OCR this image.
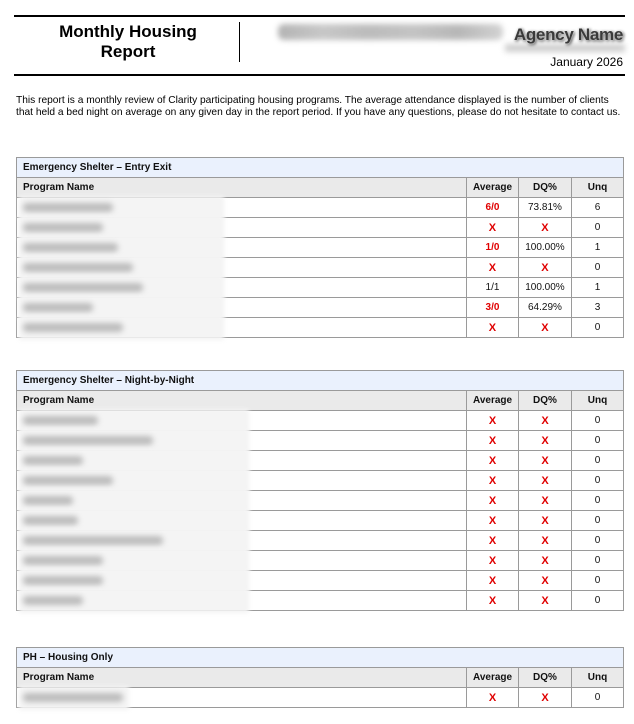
Monthly Housing Report
Agency Name
January 2026
This report is a monthly review of Clarity participating housing programs. The average attendance displayed is the number of clients that held a bed night on average on any given day in the report period. If you have any questions, please do not hesitate to contact us.
Emergency Shelter – Entry Exit			
Program Name	Average	DQ%	Unq

	6/0	73.81%	6

	X	X	0

	1/0	100.00%	1

	X	X	0

	1/1	100.00%	1

	3/0	64.29%	3

	X	X	0
Emergency Shelter – Night-by-Night			
Program Name	Average	DQ%	Unq

	X	X	0

	X	X	0

	X	X	0

	X	X	0

	X	X	0

	X	X	0

	X	X	0

	X	X	0

	X	X	0

	X	X	0
PH – Housing Only			
Program Name	Average	DQ%	Unq

	X	X	0
